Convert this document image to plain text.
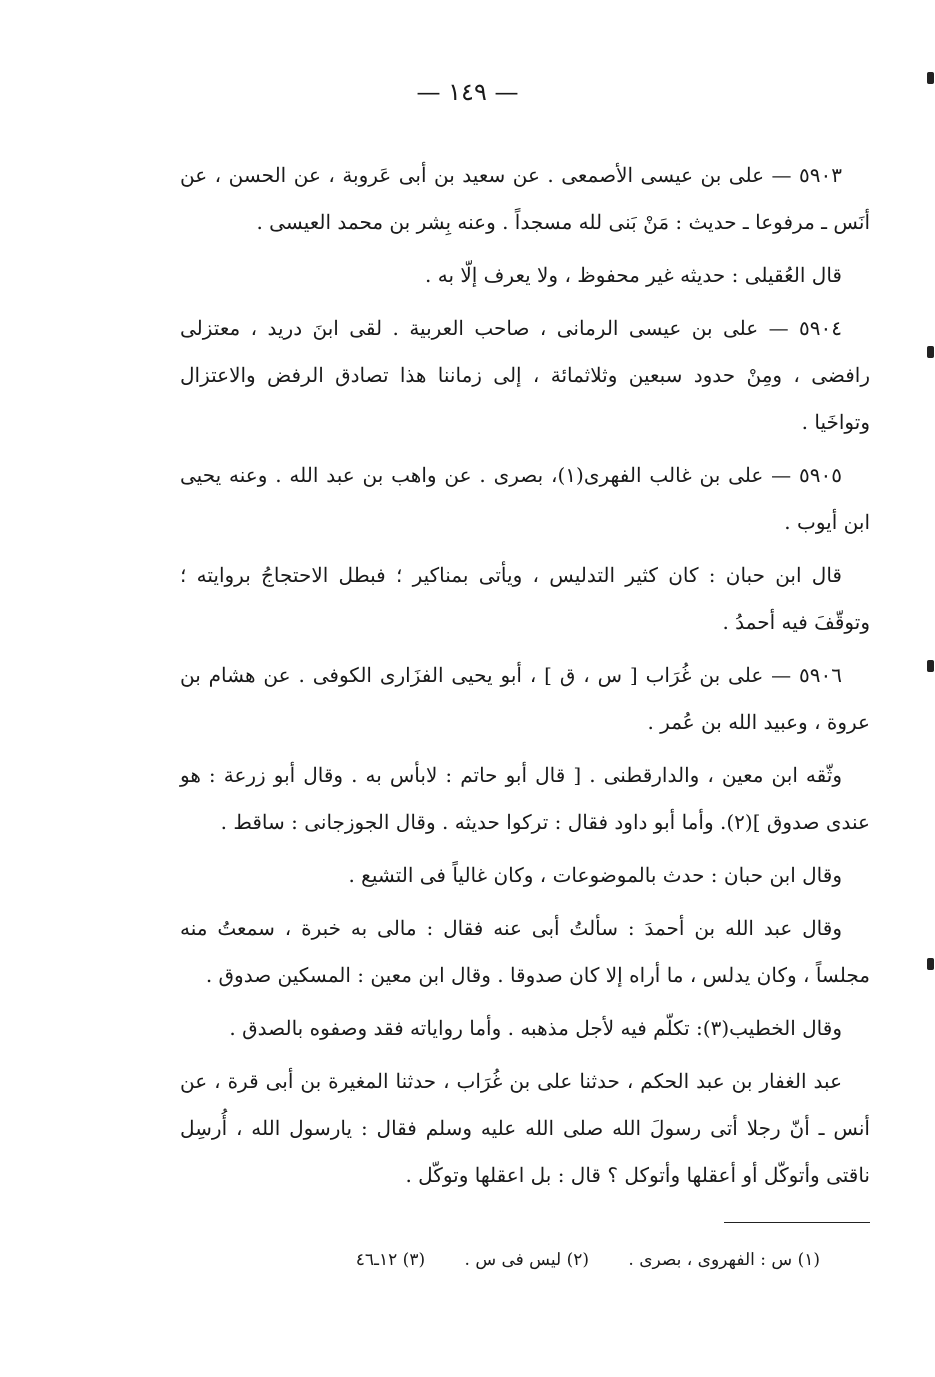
— ١٤٩ —

٥٩٠٣ — على بن عيسى الأصمعى . عن سعيد بن أبى عَروبة ، عن الحسن ، عن أنَس ـ مرفوعا ـ حديث : مَنْ بَنى لله مسجداً . وعنه بِشر بن محمد العيسى .

قال العُقيلى : حديثه غير محفوظ ، ولا يعرف إلّا به .

٥٩٠٤ — على بن عيسى الرمانى ، صاحب العربية . لقى ابنَ دريد ، معتزلى رافضى ، ومِنْ حدود سبعين وثلاثمائة ، إلى زماننا هذا تصادق الرفض والاعتزال وتواخَيا .

٥٩٠٥ — على بن غالب الفهرى(١)، بصرى . عن واهب بن عبد الله . وعنه يحيى ابن أيوب .

قال ابن حبان : كان كثير التدليس ، ويأتى بمناكير ؛ فبطل الاحتجاجُ بروايته ؛ وتوقّفَ فيه أحمدُ .

٥٩٠٦ — على بن غُرَاب [ س ، ق ] ، أبو يحيى الفزَارى الكوفى . عن هشام بن عروة ، وعبيد الله بن عُمر .

وثّقه ابن معين ، والدارقطنى . [ قال أبو حاتم : لابأس به . وقال أبو زرعة : هو عندى صدوق ](٢). وأما أبو داود فقال : تركوا حديثه . وقال الجوزجانى : ساقط .

وقال ابن حبان : حدث بالموضوعات ، وكان غالياً فى التشيع .

وقال عبد الله بن أحمدَ : سألتُ أبى عنه فقال : مالى به خبرة ، سمعتُ منه مجلساً ، وكان يدلس ، ما أراه إلا كان صدوقا . وقال ابن معين : المسكين صدوق .

وقال الخطيب(٣): تكلّم فيه لأجل مذهبه . وأما رواياته فقد وصفوه بالصدق .

عبد الغفار بن عبد الحكم ، حدثنا على بن غُرَاب ، حدثنا المغيرة بن أبى قرة ، عن أنس ـ أنّ رجلا أتى رسولَ الله صلى الله عليه وسلم فقال : يارسول الله ، أُرسِل ناقتى وأتوكّل أو أعقلها وأتوكل ؟ قال : بل اعقلها وتوكّل .

(١) س : الفهروى ، بصرى . (٢) ليس فى س . (٣) ١٢ـ٤٦
